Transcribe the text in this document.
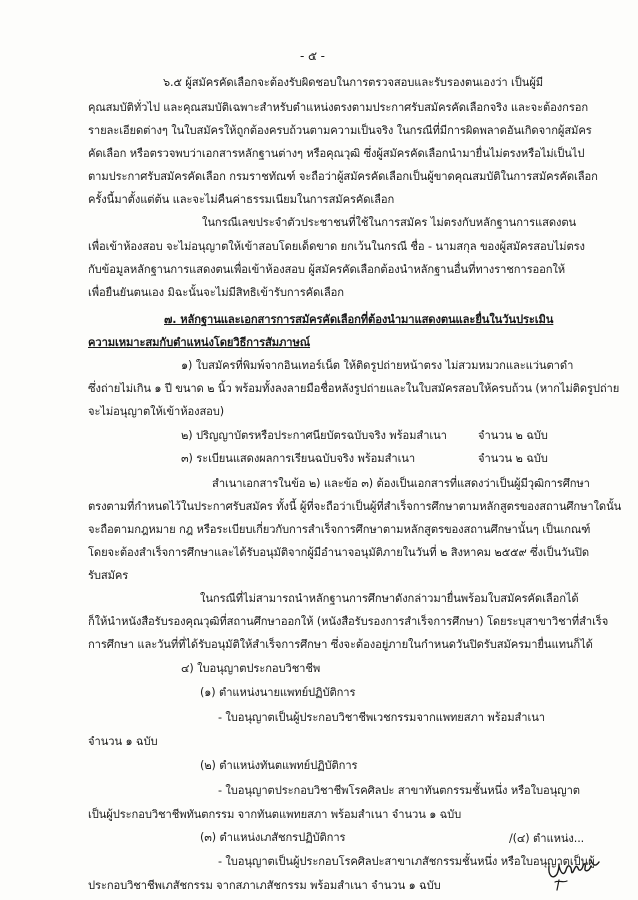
- ๕ -
๖.๕ ผู้สมัครคัดเลือกจะต้องรับผิดชอบในการตรวจสอบและรับรองตนเองว่า เป็นผู้มี
คุณสมบัติทั่วไป และคุณสมบัติเฉพาะสำหรับตำแหน่งตรงตามประกาศรับสมัครคัดเลือกจริง และจะต้องกรอก
รายละเอียดต่างๆ ในใบสมัครให้ถูกต้องครบถ้วนตามความเป็นจริง ในกรณีที่มีการผิดพลาดอันเกิดจากผู้สมัคร
คัดเลือก หรือตรวจพบว่าเอกสารหลักฐานต่างๆ หรือคุณวุฒิ ซึ่งผู้สมัครคัดเลือกนำมายื่นไม่ตรงหรือไม่เป็นไป
ตามประกาศรับสมัครคัดเลือก กรมราชทัณฑ์ จะถือว่าผู้สมัครคัดเลือกเป็นผู้ขาดคุณสมบัติในการสมัครคัดเลือก
ครั้งนี้มาตั้งแต่ต้น และจะไม่คืนค่าธรรมเนียมในการสมัครคัดเลือก
ในกรณีเลขประจำตัวประชาชนที่ใช้ในการสมัคร ไม่ตรงกับหลักฐานการแสดงตน
เพื่อเข้าห้องสอบ จะไม่อนุญาตให้เข้าสอบโดยเด็ดขาด ยกเว้นในกรณี ชื่อ - นามสกุล ของผู้สมัครสอบไม่ตรง
กับข้อมูลหลักฐานการแสดงตนเพื่อเข้าห้องสอบ ผู้สมัครคัดเลือกต้องนำหลักฐานอื่นที่ทางราชการออกให้
เพื่อยืนยันตนเอง มิฉะนั้นจะไม่มีสิทธิเข้ารับการคัดเลือก
๗. หลักฐานและเอกสารการสมัครคัดเลือกที่ต้องนำมาแสดงตนและยื่นในวันประเมิน
ความเหมาะสมกับตำแหน่งโดยวิธีการสัมภาษณ์
๑) ใบสมัครที่พิมพ์จากอินเทอร์เน็ต ให้ติดรูปถ่ายหน้าตรง ไม่สวมหมวกและแว่นตาดำ
ซึ่งถ่ายไม่เกิน ๑ ปี ขนาด ๒ นิ้ว พร้อมทั้งลงลายมือชื่อหลังรูปถ่ายและในใบสมัครสอบให้ครบถ้วน (หากไม่ติดรูปถ่าย
จะไม่อนุญาตให้เข้าห้องสอบ)
๒) ปริญญาบัตรหรือประกาศนียบัตรฉบับจริง พร้อมสำเนา	จำนวน ๒ ฉบับ
๓) ระเบียนแสดงผลการเรียนฉบับจริง พร้อมสำเนา	จำนวน ๒ ฉบับ
สำเนาเอกสารในข้อ ๒) และข้อ ๓) ต้องเป็นเอกสารที่แสดงว่าเป็นผู้มีวุฒิการศึกษา
ตรงตามที่กำหนดไว้ในประกาศรับสมัคร ทั้งนี้ ผู้ที่จะถือว่าเป็นผู้ที่สำเร็จการศึกษาตามหลักสูตรของสถานศึกษาใดนั้น
จะถือตามกฎหมาย กฎ หรือระเบียบเกี่ยวกับการสำเร็จการศึกษาตามหลักสูตรของสถานศึกษานั้นๆ เป็นเกณฑ์
โดยจะต้องสำเร็จการศึกษาและได้รับอนุมัติจากผู้มีอำนาจอนุมัติภายในวันที่ ๒ สิงหาคม ๒๕๕๙ ซึ่งเป็นวันปิด
รับสมัคร
ในกรณีที่ไม่สามารถนำหลักฐานการศึกษาดังกล่าวมายื่นพร้อมใบสมัครคัดเลือกได้
ก็ให้นำหนังสือรับรองคุณวุฒิที่สถานศึกษาออกให้ (หนังสือรับรองการสำเร็จการศึกษา) โดยระบุสาขาวิชาที่สำเร็จ
การศึกษา และวันที่ที่ได้รับอนุมัติให้สำเร็จการศึกษา ซึ่งจะต้องอยู่ภายในกำหนดวันปิดรับสมัครมายื่นแทนก็ได้
๔) ใบอนุญาตประกอบวิชาชีพ
(๑) ตำแหน่งนายแพทย์ปฏิบัติการ
- ใบอนุญาตเป็นผู้ประกอบวิชาชีพเวชกรรมจากแพทยสภา พร้อมสำเนา
จำนวน ๑ ฉบับ
(๒) ตำแหน่งทันตแพทย์ปฏิบัติการ
- ใบอนุญาตประกอบวิชาชีพโรคศิลปะ สาขาทันตกรรมชั้นหนึ่ง หรือใบอนุญาต
เป็นผู้ประกอบวิชาชีพทันตกรรม จากทันตแพทยสภา พร้อมสำเนา จำนวน ๑ ฉบับ
(๓) ตำแหน่งเภสัชกรปฏิบัติการ
- ใบอนุญาตเป็นผู้ประกอบโรคศิลปะสาขาเภสัชกรรมชั้นหนึ่ง หรือใบอนุญาตเป็นผู้
ประกอบวิชาชีพเภสัชกรรม จากสภาเภสัชกรรม พร้อมสำเนา จำนวน ๑ ฉบับ
/(๔) ตำแหน่ง...
